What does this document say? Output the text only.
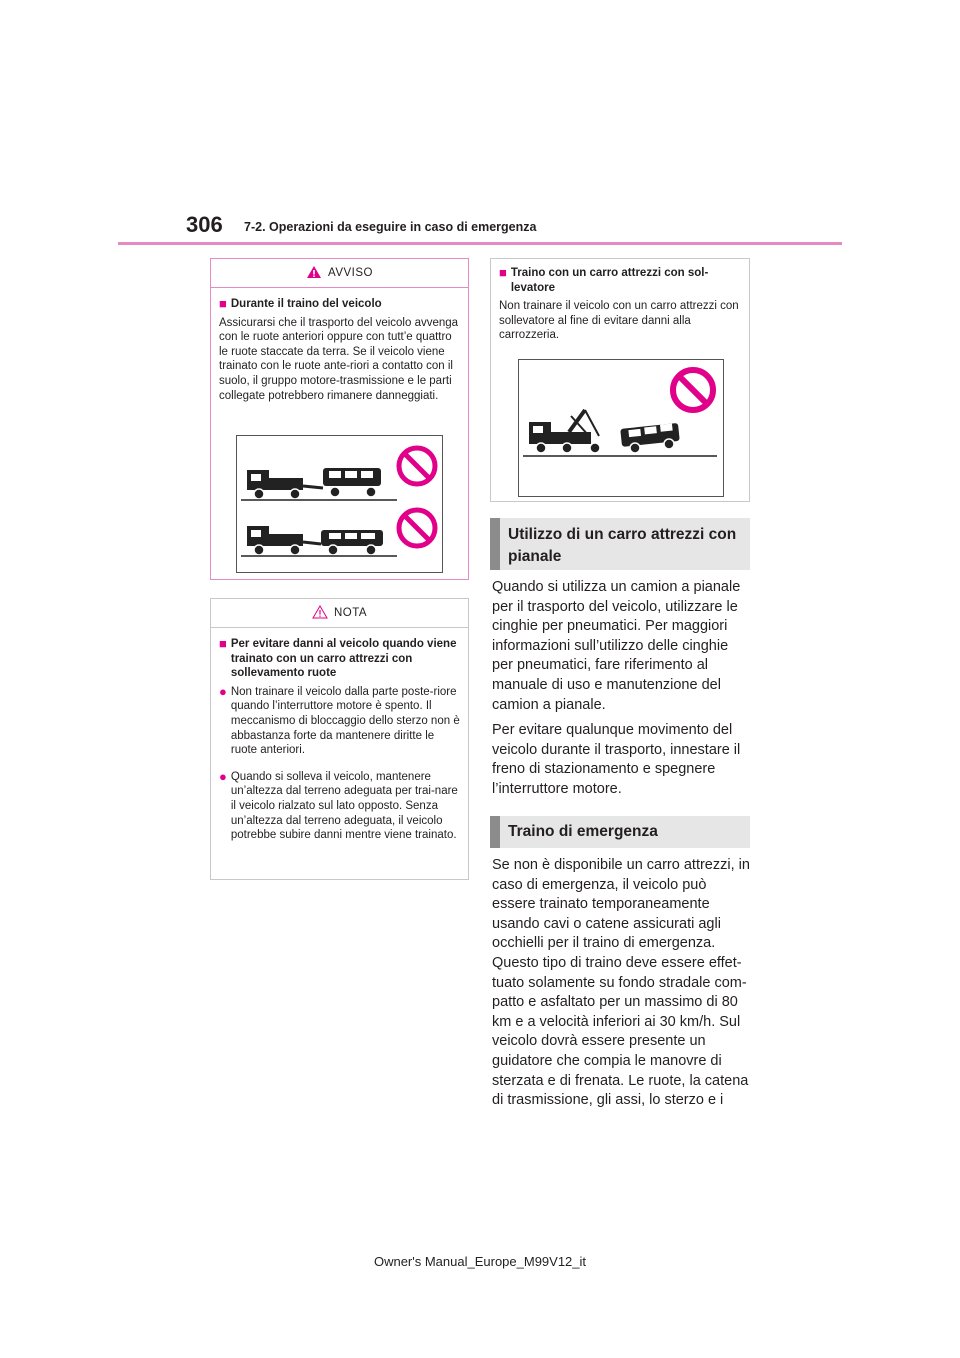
306 7-2. Operazioni da eseguire in caso di emergenza
AVVISO
■ Durante il traino del veicolo
Assicurarsi che il trasporto del veicolo avvenga con le ruote anteriori oppure con tutt’e quattro le ruote staccate da terra. Se il veicolo viene trainato con le ruote ante-riori a contatto con il suolo, il gruppo motore-trasmissione e le parti collegate potrebbero rimanere danneggiati.
NOTA
■ Per evitare danni al veicolo quando viene trainato con un carro attrezzi con sollevamento ruote
● Non trainare il veicolo dalla parte poste-riore quando l’interruttore motore è spento. Il meccanismo di bloccaggio dello sterzo non è abbastanza forte da mantenere diritte le ruote anteriori.
● Quando si solleva il veicolo, mantenere un’altezza dal terreno adeguata per trai-nare il veicolo rialzato sul lato opposto. Senza un’altezza dal terreno adeguata, il veicolo potrebbe subire danni mentre viene trainato.
■ Traino con un carro attrezzi con sol-levatore
Non trainare il veicolo con un carro attrezzi con sollevatore al fine di evitare danni alla carrozzeria.
Utilizzo di un carro attrezzi con pianale

Quando si utilizza un camion a pianale per il trasporto del veicolo, utilizzare le cinghie per pneumatici. Per maggiori informazioni sull’utilizzo delle cinghie per pneumatici, fare riferimento al manuale di uso e manutenzione del camion a pianale.

Per evitare qualunque movimento del veicolo durante il trasporto, innestare il freno di stazionamento e spegnere l’interruttore motore.

Traino di emergenza

Se non è disponibile un carro attrezzi, in caso di emergenza, il veicolo può essere trainato temporaneamente usando cavi o catene assicurati agli occhielli per il traino di emergenza. Questo tipo di traino deve essere effet-tuato solamente su fondo stradale com-patto e asfaltato per un massimo di 80 km e a velocità inferiori ai 30 km/h. Sul veicolo dovrà essere presente un guidatore che compia le manovre di sterzata e di frenata. Le ruote, la catena di trasmissione, gli assi, lo sterzo e i

Owner's Manual_Europe_M99V12_it
